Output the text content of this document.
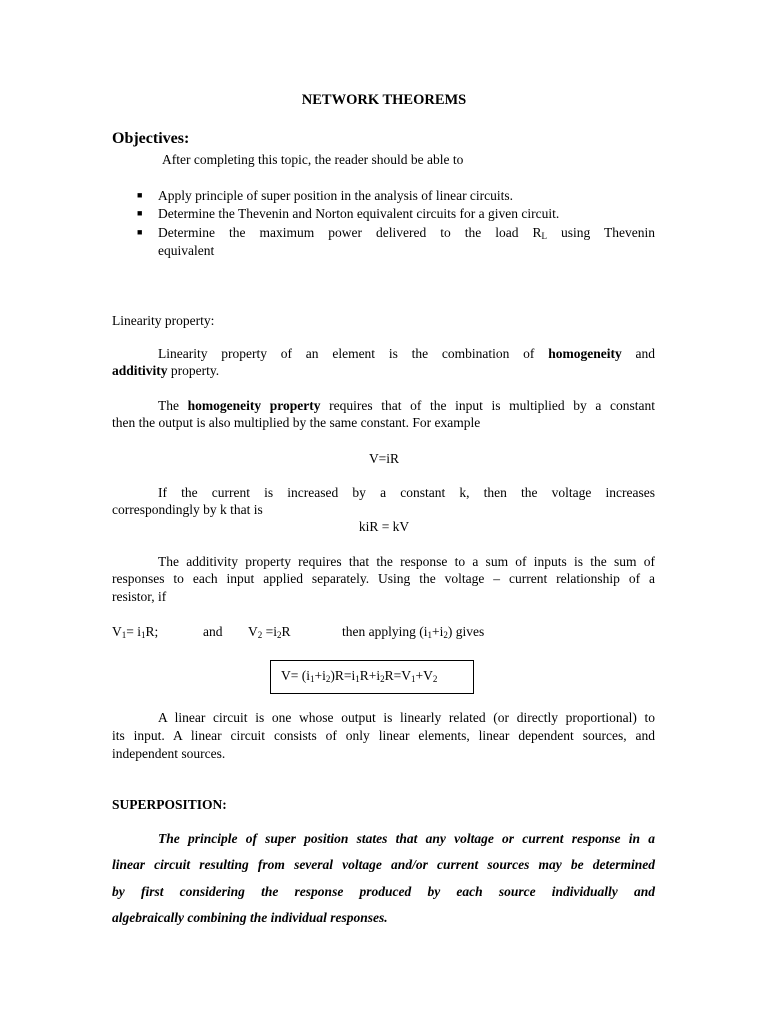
NETWORK THEOREMS
Objectives:
After completing this topic, the reader should be able to
■ Apply principle of super position in the analysis of linear circuits.
■ Determine the Thevenin and Norton equivalent circuits for a given circuit.
■ Determine the maximum power delivered to the load $R_L$ using Thevenin
equivalent
Linearity property:
Linearity property of an element is the combination of homogeneity and
additivity property.
The homogeneity property requires that of the input is multiplied by a constant
then the output is also multiplied by the same constant. For example
V=iR
If the current is increased by a constant k, then the voltage increases
correspondingly by k that is
kiR = kV
The additivity property requires that the response to a sum of inputs is the sum of
responses to each input applied separately. Using the voltage – current relationship of a
resistor, if
$V_1= i_1R$;	and $V_2 =i_2R$	then applying $(i_1+i_2)$ gives
$V= (i_1+i_2)R=i_1R+i_2R=V_1+V_2$
A linear circuit is one whose output is linearly related (or directly proportional) to
its input. A linear circuit consists of only linear elements, linear dependent sources, and
independent sources.
SUPERPOSITION:
The principle of super position states that any voltage or current response in a
linear circuit resulting from several voltage and/or current sources may be determined
by first considering the response produced by each source individually and
algebraically combining the individual responses.
